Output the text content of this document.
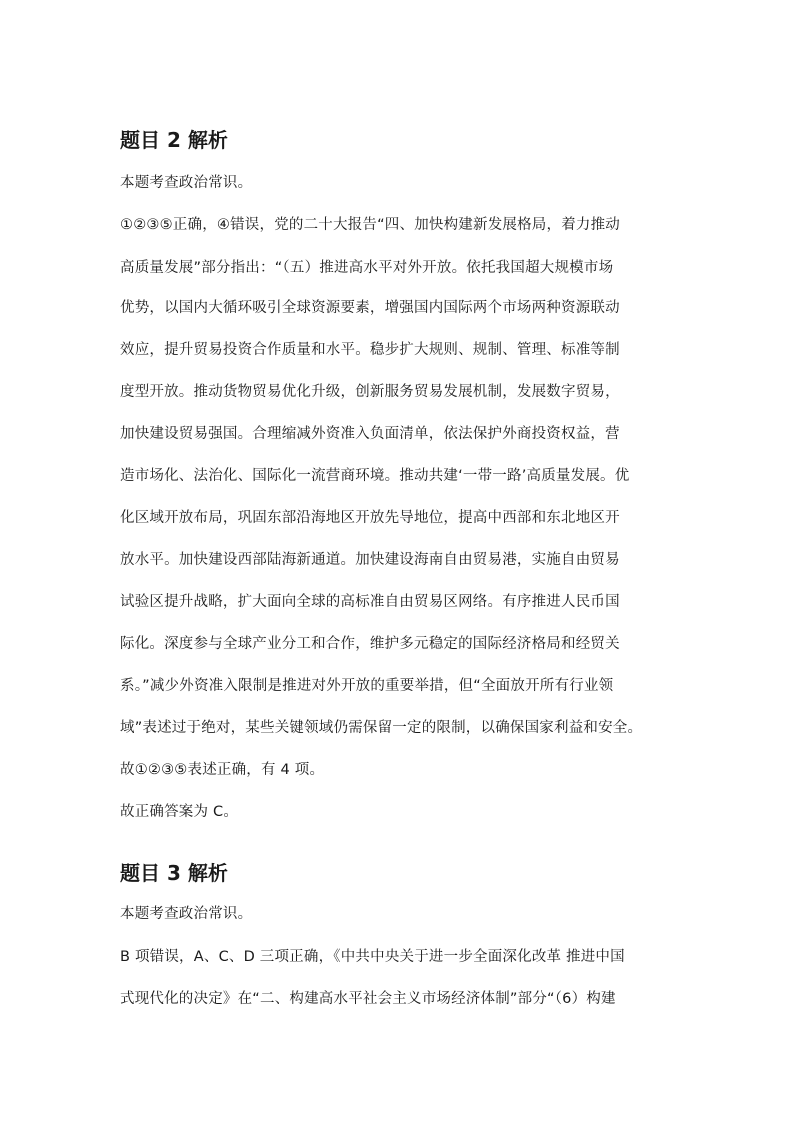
题目 2 解析

本题考查政治常识。

①②③⑤正确，④错误，党的二十大报告“四、加快构建新发展格局，着力推动

高质量发展”部分指出：“（五）推进高水平对外开放。依托我国超大规模市场

优势，以国内大循环吸引全球资源要素，增强国内国际两个市场两种资源联动

效应，提升贸易投资合作质量和水平。稳步扩大规则、规制、管理、标准等制

度型开放。推动货物贸易优化升级，创新服务贸易发展机制，发展数字贸易，

加快建设贸易强国。合理缩减外资准入负面清单，依法保护外商投资权益，营

造市场化、法治化、国际化一流营商环境。推动共建‘一带一路’高质量发展。优

化区域开放布局，巩固东部沿海地区开放先导地位，提高中西部和东北地区开

放水平。加快建设西部陆海新通道。加快建设海南自由贸易港，实施自由贸易

试验区提升战略，扩大面向全球的高标准自由贸易区网络。有序推进人民币国

际化。深度参与全球产业分工和合作，维护多元稳定的国际经济格局和经贸关

系。”减少外资准入限制是推进对外开放的重要举措，但“全面放开所有行业领

域”表述过于绝对，某些关键领域仍需保留一定的限制，以确保国家利益和安全。

故①②③⑤表述正确，有 4 项。

故正确答案为 C。

题目 3 解析

本题考查政治常识。

B 项错误，A、C、D 三项正确，《中共中央关于进一步全面深化改革 推进中国

式现代化的决定》在“二、构建高水平社会主义市场经济体制”部分“（6）构建
